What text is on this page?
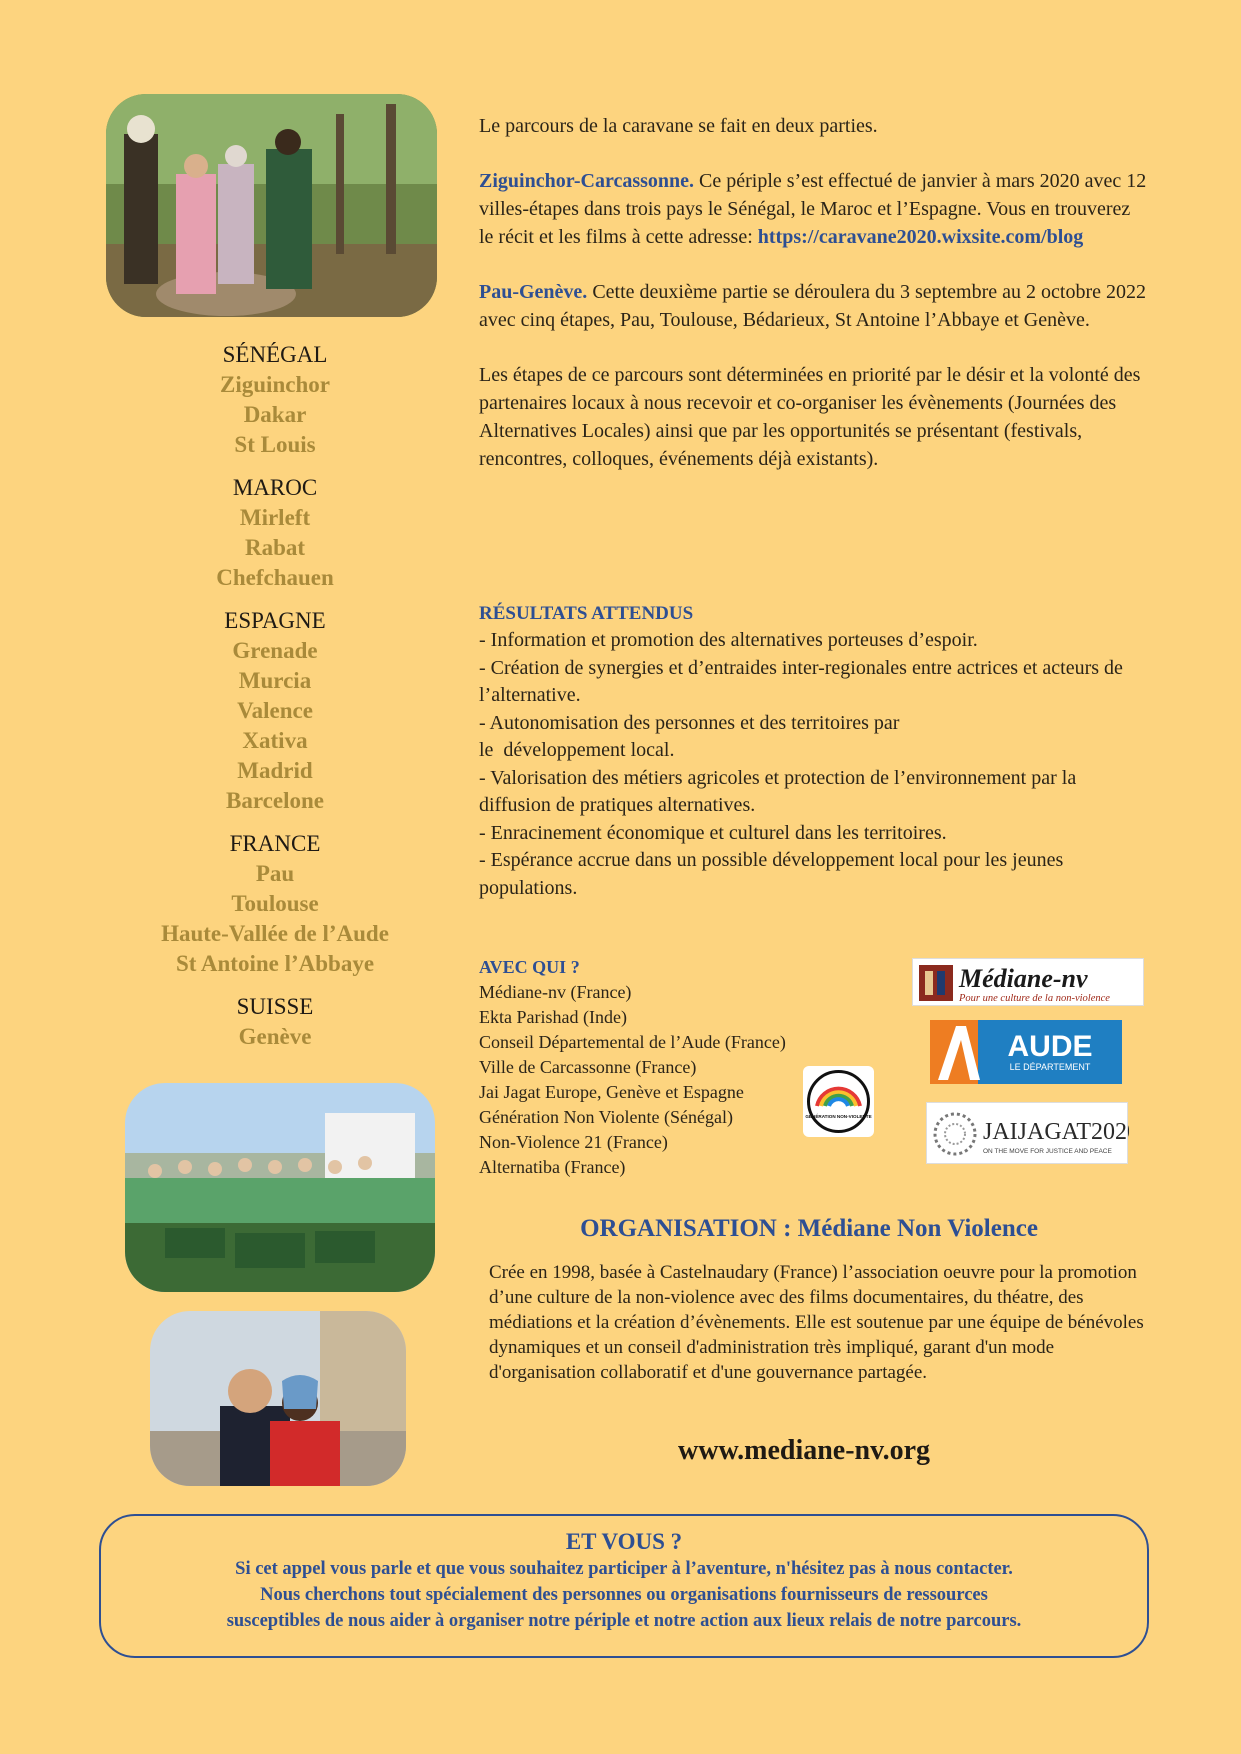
SÉNÉGAL
Ziguinchor
Dakar
St Louis
MAROC
Mirleft
Rabat
Chefchauen
ESPAGNE
Grenade
Murcia
Valence
Xativa
Madrid
Barcelone
FRANCE
Pau
Toulouse
Haute-Vallée de l’Aude
St Antoine l’Abbaye
SUISSE
Genève

Le parcours de la caravane se fait en deux parties.

Ziguinchor-Carcassonne. Ce périple s’est effectué de janvier à mars 2020 avec 12 villes-étapes dans trois pays le Sénégal, le Maroc et l’Espagne. Vous en trouverez le récit et les films à cette adresse: https://caravane2020.wixsite.com/blog

Pau-Genève. Cette deuxième partie se déroulera du 3 septembre au 2 octobre 2022 avec cinq étapes, Pau, Toulouse, Bédarieux, St Antoine l’Abbaye et Genève.

Les étapes de ce parcours sont déterminées en priorité par le désir et la volonté des partenaires locaux à nous recevoir et co-organiser les évènements (Journées des Alternatives Locales) ainsi que par les opportunités se présentant (festivals, rencontres, colloques, événements déjà existants).

RÉSULTATS ATTENDUS
- Information et promotion des alternatives porteuses d’espoir.
- Création de synergies et d’entraides inter-regionales entre actrices et acteurs de l’alternative.
- Autonomisation des personnes et des territoires par le  développement local.
- Valorisation des métiers agricoles et protection de l’environnement par la diffusion de pratiques alternatives.
- Enracinement économique et culturel dans les territoires.
- Espérance accrue dans un possible développement local pour les jeunes populations.
AVEC QUI ?
Médiane-nv (France)
Ekta Parishad (Inde)
Conseil Départemental de l’Aude (France)
Ville de Carcassonne (France)
Jai Jagat Europe, Genève et Espagne
Génération Non Violente (Sénégal)
Non-Violence 21 (France)
Alternatiba (France)
Médiane-nv
Pour une culture de la non-violence
AUDE
LE DÉPARTEMENT
JAIJAGAT2020
ON THE MOVE FOR JUSTICE AND PEACE
GÉNÉRATION NON-VIOLENTE
ORGANISATION : Médiane Non Violence
Crée en 1998, basée à Castelnaudary (France) l’association oeuvre pour la promotion d’une culture de la non-violence avec des films documentaires, du théatre, des médiations et la création d’évènements. Elle est soutenue par une équipe de bénévoles dynamiques et un conseil d'administration très impliqué, garant d'un mode d'organisation collaboratif et d'une gouvernance partagée.
www.mediane-nv.org
ET VOUS ?
Si cet appel vous parle et que vous souhaitez participer à l’aventure, n'hésitez pas à nous contacter.
Nous cherchons tout spécialement des personnes ou organisations fournisseurs de ressources
susceptibles de nous aider à organiser notre périple et notre action aux lieux relais de notre parcours.
